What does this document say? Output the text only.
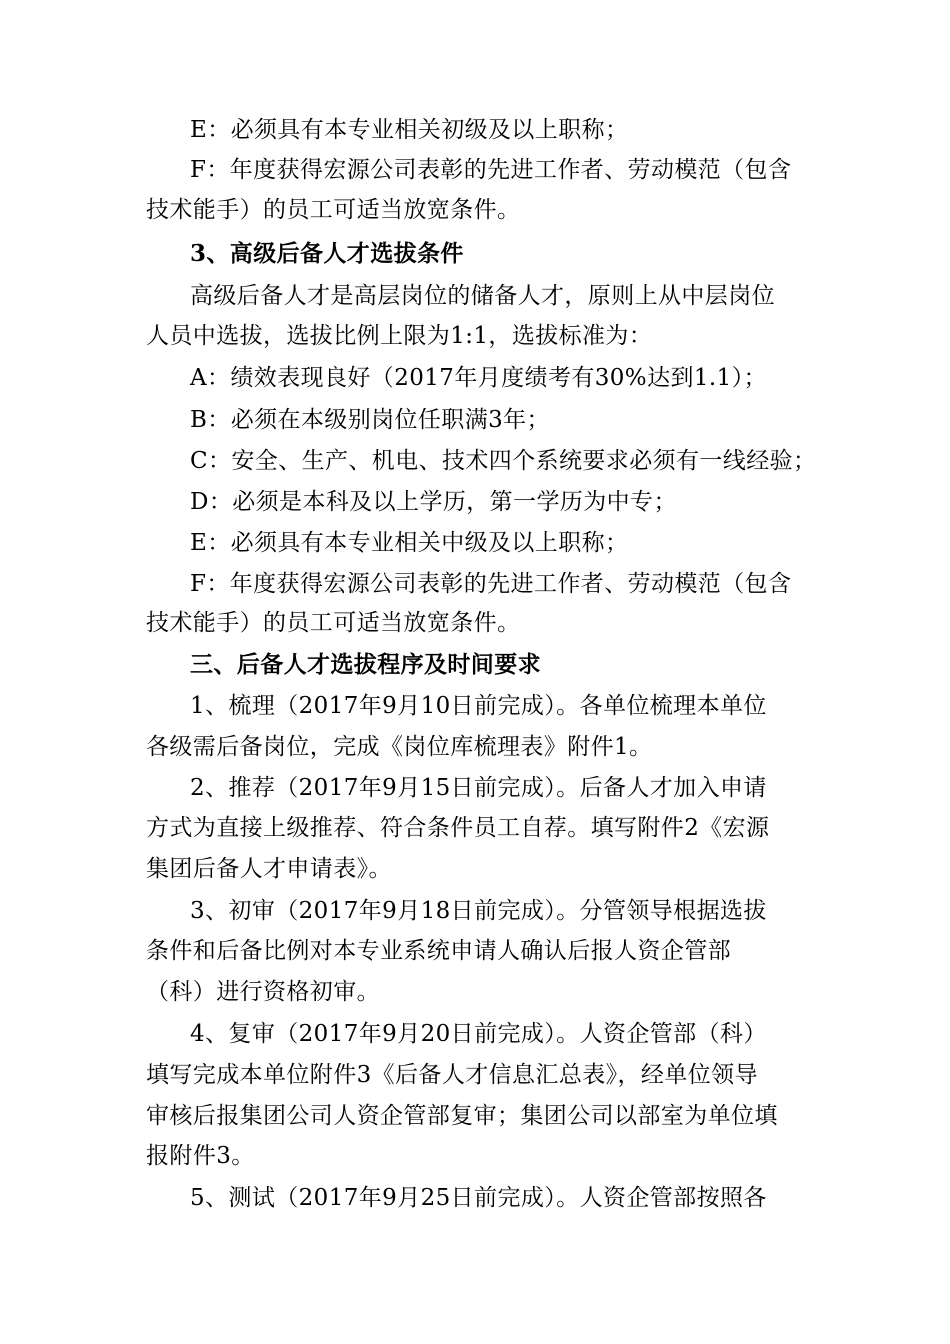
E：必须具有本专业相关初级及以上职称；
F：年度获得宏源公司表彰的先进工作者、劳动模范（包含
技术能手）的员工可适当放宽条件。
3、高级后备人才选拔条件
高级后备人才是高层岗位的储备人才，原则上从中层岗位
人员中选拔，选拔比例上限为1:1，选拔标准为：
A：绩效表现良好（2017年月度绩考有30%达到1.1）；
B：必须在本级别岗位任职满3年；
C：安全、生产、机电、技术四个系统要求必须有一线经验；
D：必须是本科及以上学历，第一学历为中专；
E：必须具有本专业相关中级及以上职称；
F：年度获得宏源公司表彰的先进工作者、劳动模范（包含
技术能手）的员工可适当放宽条件。
三、后备人才选拔程序及时间要求
1、梳理（2017年9月10日前完成）。各单位梳理本单位
各级需后备岗位，完成《岗位库梳理表》附件1。
2、推荐（2017年9月15日前完成）。后备人才加入申请
方式为直接上级推荐、符合条件员工自荐。填写附件2《宏源
集团后备人才申请表》。
3、初审（2017年9月18日前完成）。分管领导根据选拔
条件和后备比例对本专业系统申请人确认后报人资企管部
（科）进行资格初审。
4、复审（2017年9月20日前完成）。人资企管部（科）
填写完成本单位附件3《后备人才信息汇总表》，经单位领导
审核后报集团公司人资企管部复审；集团公司以部室为单位填
报附件3。
5、测试（2017年9月25日前完成）。人资企管部按照各
